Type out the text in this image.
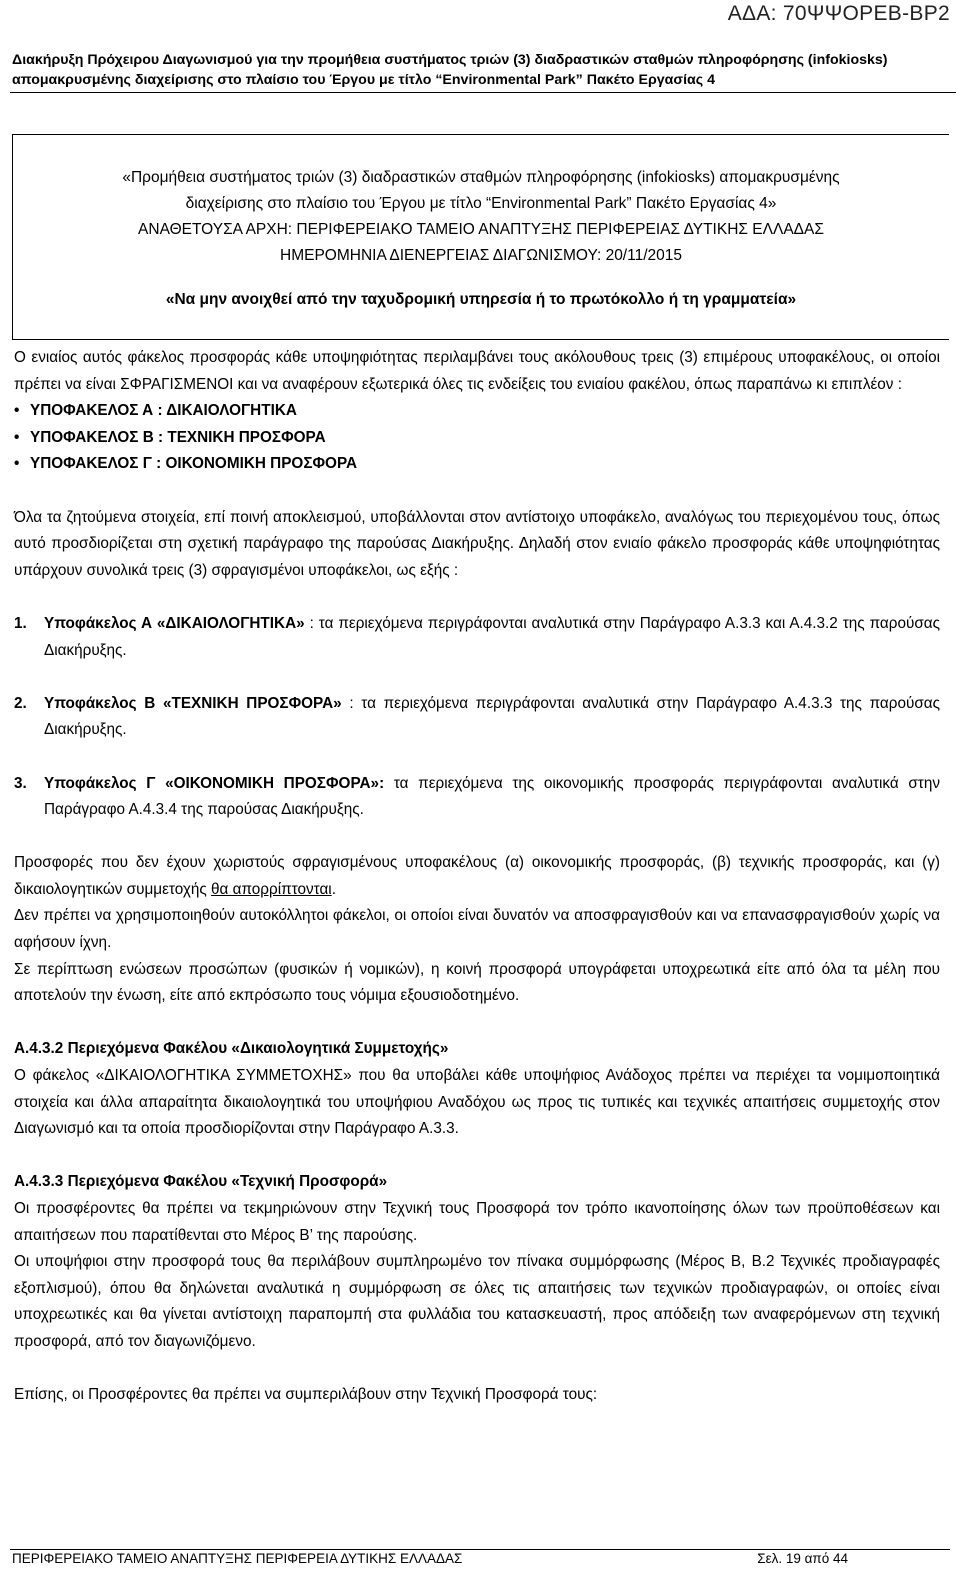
ΑΔΑ: 70ΨΨΟΡΕΒ-ΒΡ2
Διακήρυξη Πρόχειρου Διαγωνισμού για την προμήθεια συστήματος τριών (3) διαδραστικών σταθμών πληροφόρησης (infokiosks)
απομακρυσμένης διαχείρισης στο πλαίσιο του Έργου με τίτλο “Environmental Park” Πακέτο Εργασίας 4
«Προμήθεια συστήματος τριών (3) διαδραστικών σταθμών πληροφόρησης (infokiosks) απομακρυσμένης
διαχείρισης στο πλαίσιο του Έργου με τίτλο “Environmental Park” Πακέτο Εργασίας 4»
ΑΝΑΘΕΤΟΥΣΑ ΑΡΧΗ: ΠΕΡΙΦΕΡΕΙΑΚΟ ΤΑΜΕΙΟ ΑΝΑΠΤΥΞΗΣ ΠΕΡΙΦΕΡΕΙΑΣ ΔΥΤΙΚΗΣ ΕΛΛΑΔΑΣ
ΗΜΕΡΟΜΗΝΙΑ ΔΙΕΝΕΡΓΕΙΑΣ ΔΙΑΓΩΝΙΣΜΟΥ: 20/11/2015
«Να μην ανοιχθεί από την ταχυδρομική υπηρεσία ή το πρωτόκολλο ή τη γραμματεία»

Ο ενιαίος αυτός φάκελος προσφοράς κάθε υποψηφιότητας περιλαμβάνει τους ακόλουθους τρεις (3) επιμέρους υποφακέλους, οι οποίοι πρέπει να είναι ΣΦΡΑΓΙΣΜΕΝΟΙ και να αναφέρουν εξωτερικά όλες τις ενδείξεις του ενιαίου φακέλου, όπως παραπάνω κι επιπλέον :

• ΥΠΟΦΑΚΕΛΟΣ Α : ΔΙΚΑΙΟΛΟΓΗΤΙΚΑ

• ΥΠΟΦΑΚΕΛΟΣ Β : ΤΕΧΝΙΚΗ ΠΡΟΣΦΟΡΑ

• ΥΠΟΦΑΚΕΛΟΣ Γ : ΟΙΚΟΝΟΜΙΚΗ ΠΡΟΣΦΟΡΑ

Όλα τα ζητούμενα στοιχεία, επί ποινή αποκλεισμού, υποβάλλονται στον αντίστοιχο υποφάκελο, αναλόγως του περιεχομένου τους, όπως αυτό προσδιορίζεται στη σχετική παράγραφο της παρούσας Διακήρυξης. Δηλαδή στον ενιαίο φάκελο προσφοράς κάθε υποψηφιότητας υπάρχουν συνολικά τρεις (3) σφραγισμένοι υποφάκελοι, ως εξής :

1.	Υποφάκελος Α «ΔΙΚΑΙΟΛΟΓΗΤΙΚΑ» : τα περιεχόμενα περιγράφονται αναλυτικά στην Παράγραφο Α.3.3 και Α.4.3.2 της παρούσας Διακήρυξης.
2.	Υποφάκελος Β «ΤΕΧΝΙΚΗ ΠΡΟΣΦΟΡΑ» : τα περιεχόμενα περιγράφονται αναλυτικά στην Παράγραφο Α.4.3.3 της παρούσας Διακήρυξης.
3.	Υποφάκελος Γ «ΟΙΚΟΝΟΜΙΚΗ ΠΡΟΣΦΟΡΑ»: τα περιεχόμενα της οικονομικής προσφοράς περιγράφονται αναλυτικά στην Παράγραφο Α.4.3.4 της παρούσας Διακήρυξης.

Προσφορές που δεν έχουν χωριστούς σφραγισμένους υποφακέλους (α) οικονομικής προσφοράς, (β) τεχνικής προσφοράς, και (γ) δικαιολογητικών συμμετοχής θα απορρίπτονται.

Δεν πρέπει να χρησιμοποιηθούν αυτοκόλλητοι φάκελοι, οι οποίοι είναι δυνατόν να αποσφραγισθούν και να επανασφραγισθούν χωρίς να αφήσουν ίχνη.

Σε περίπτωση ενώσεων προσώπων (φυσικών ή νομικών), η κοινή προσφορά υπογράφεται υποχρεωτικά είτε από όλα τα μέλη που αποτελούν την ένωση, είτε από εκπρόσωπο τους νόμιμα εξουσιοδοτημένο.

Α.4.3.2 Περιεχόμενα Φακέλου «Δικαιολογητικά Συμμετοχής»

Ο φάκελος «ΔΙΚΑΙΟΛΟΓΗΤΙΚΑ ΣΥΜΜΕΤΟΧΗΣ» που θα υποβάλει κάθε υποψήφιος Ανάδοχος πρέπει να περιέχει τα νομιμοποιητικά στοιχεία και άλλα απαραίτητα δικαιολογητικά του υποψήφιου Αναδόχου ως προς τις τυπικές και τεχνικές απαιτήσεις συμμετοχής στον Διαγωνισμό και τα οποία προσδιορίζονται στην Παράγραφο Α.3.3.

Α.4.3.3 Περιεχόμενα Φακέλου «Τεχνική Προσφορά»

Οι προσφέροντες θα πρέπει να τεκμηριώνουν στην Τεχνική τους Προσφορά τον τρόπο ικανοποίησης όλων των προϋποθέσεων και απαιτήσεων που παρατίθενται στο Μέρος Β’ της παρούσης.

Οι υποψήφιοι στην προσφορά τους θα περιλάβουν συμπληρωμένο τον πίνακα συμμόρφωσης (Μέρος Β, Β.2 Τεχνικές προδιαγραφές εξοπλισμού), όπου θα δηλώνεται αναλυτικά η συμμόρφωση σε όλες τις απαιτήσεις των τεχνικών προδιαγραφών, οι οποίες είναι υποχρεωτικές και θα γίνεται αντίστοιχη παραπομπή στα φυλλάδια του κατασκευαστή, προς απόδειξη των αναφερόμενων στη τεχνική προσφορά, από τον διαγωνιζόμενο.

Επίσης, οι Προσφέροντες θα πρέπει να συμπεριλάβουν στην Τεχνική Προσφορά τους:

ΠΕΡΙΦΕΡΕΙΑΚΟ ΤΑΜΕΙΟ ΑΝΑΠΤΥΞΗΣ ΠΕΡΙΦΕΡΕΙΑ ΔΥΤΙΚΗΣ ΕΛΛΑΔΑΣ	Σελ. 19 από 44
